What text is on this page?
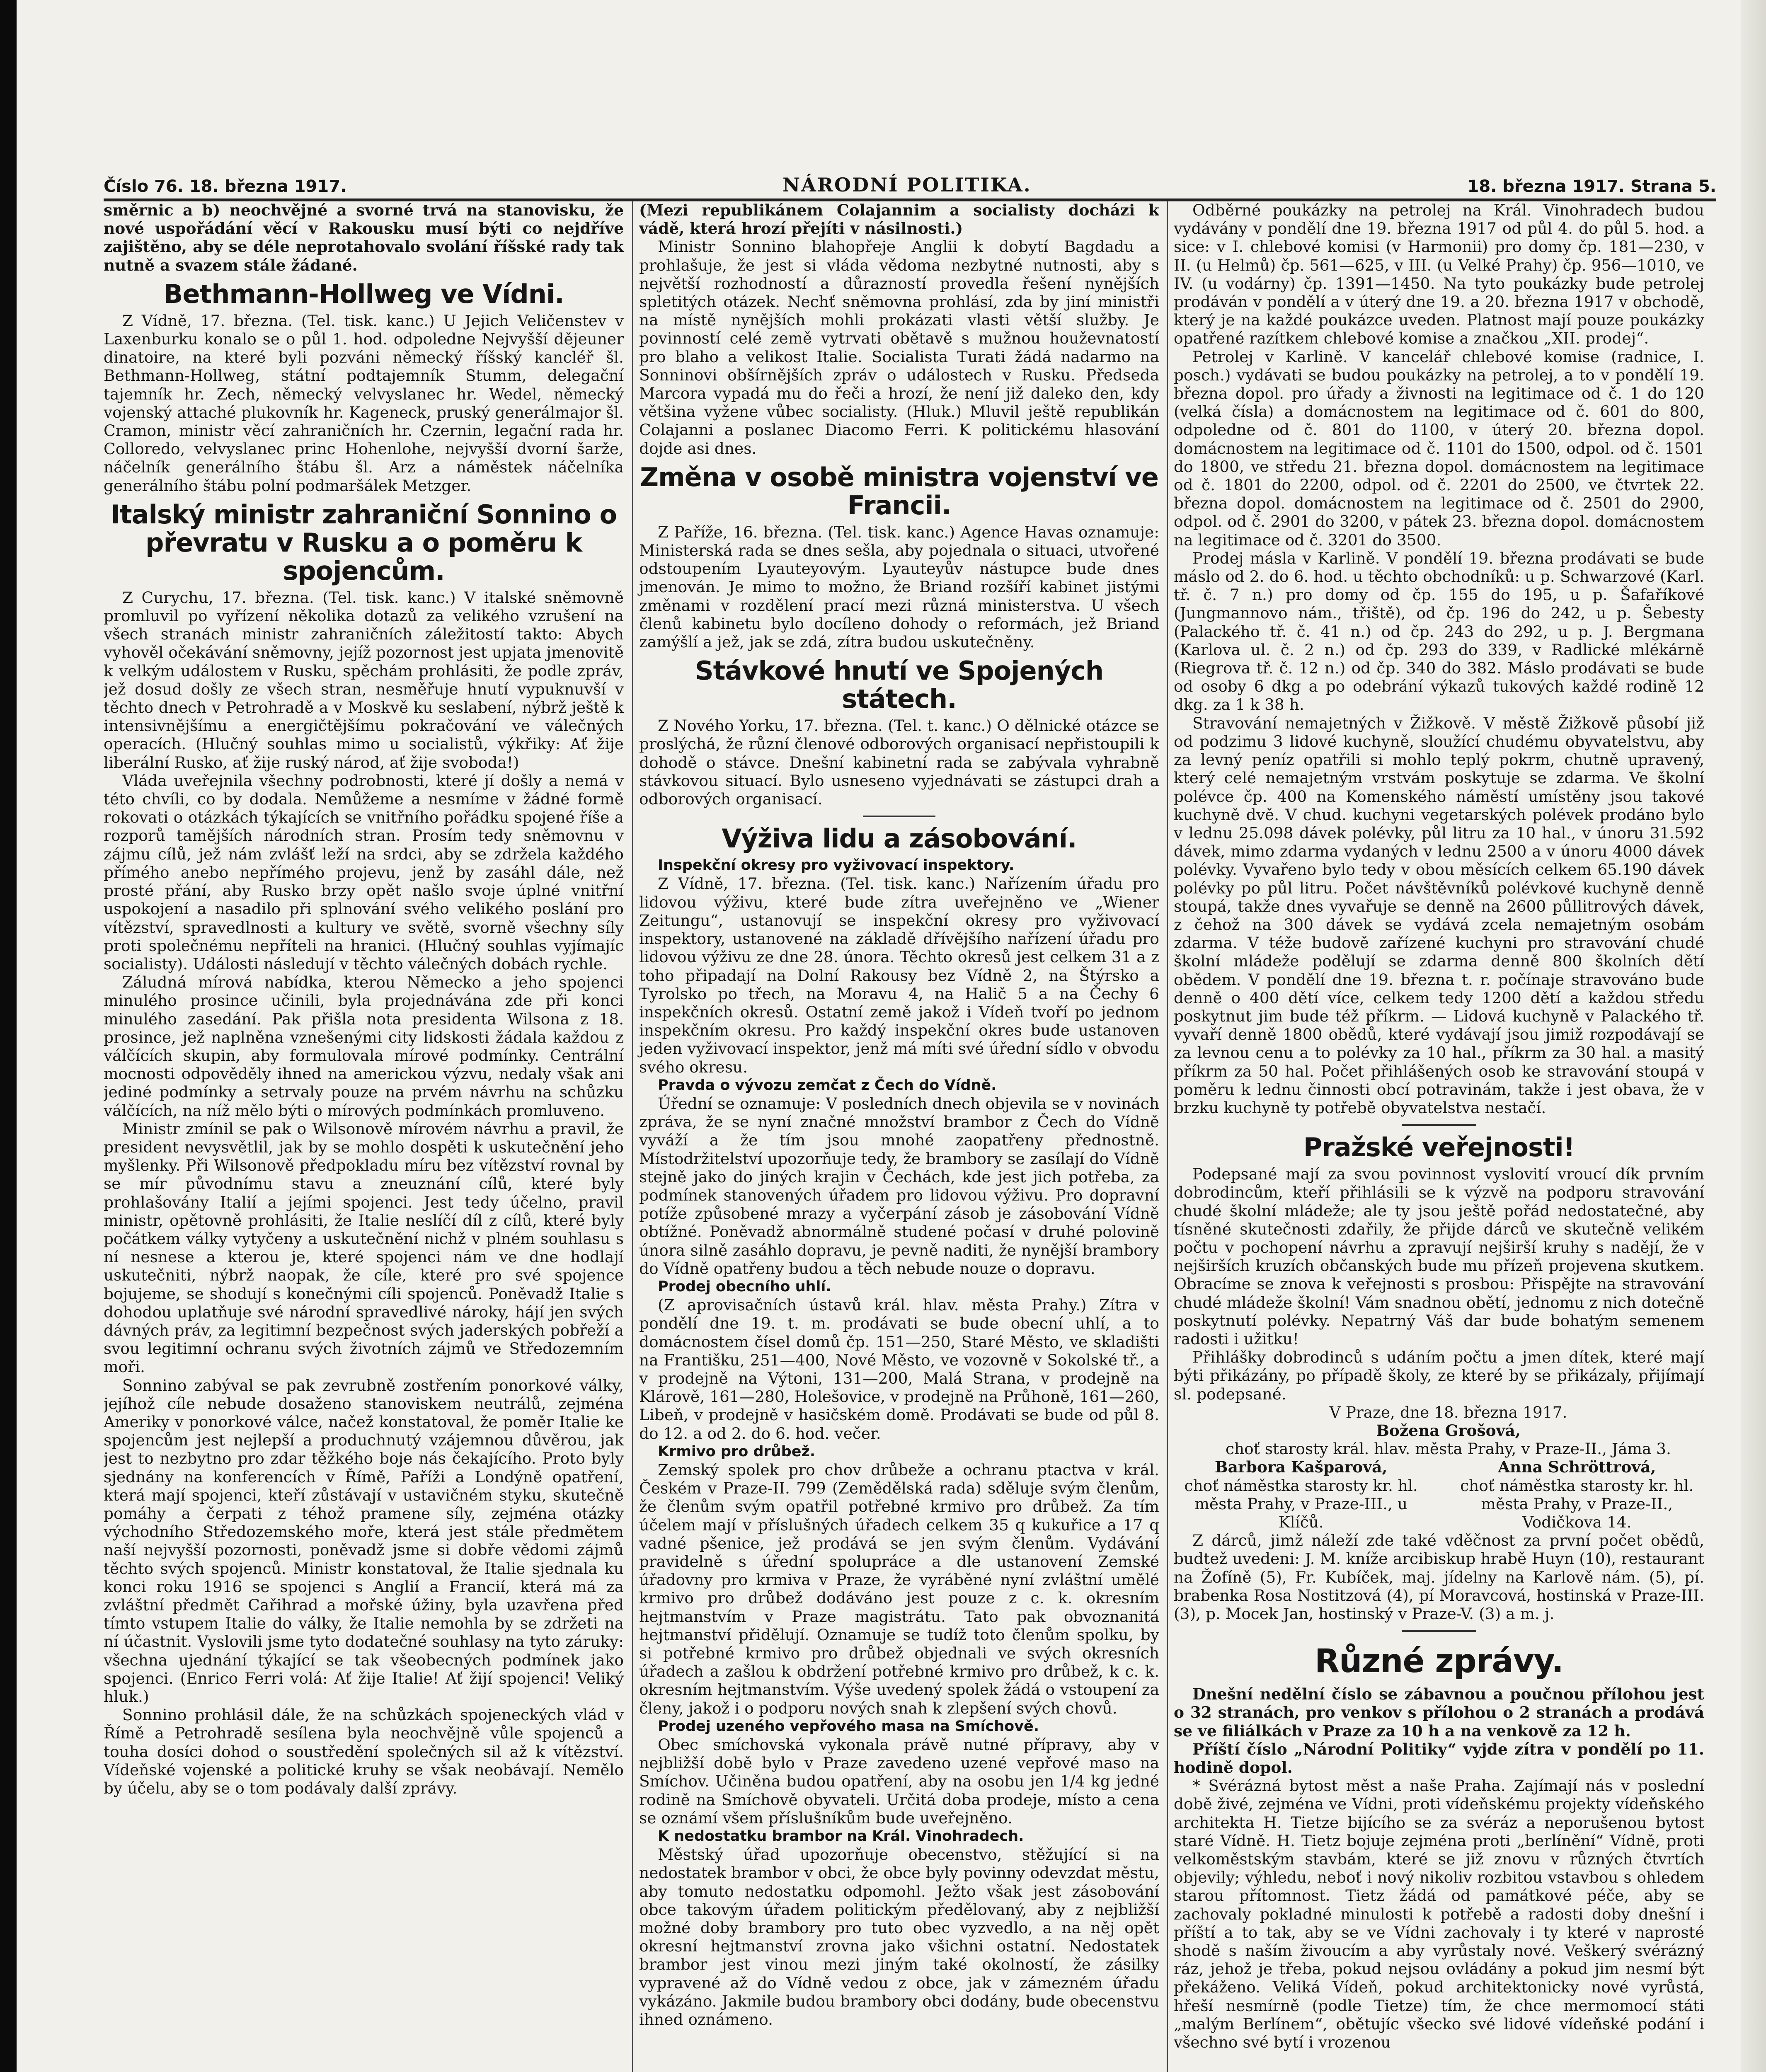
Číslo 76. 18. března 1917.	NÁRODNÍ POLITIKA.	18. března 1917. Strana 5.

směrnic a b) neochvějné a svorné trvá na stanovisku, že nové uspořádání věcí v Rakousku musí býti co nejdříve zajištěno, aby se déle neprotahovalo svolání říšské rady tak nutně a svazem stále žádané.

Bethmann-Hollweg ve Vídni.

Z Vídně, 17. března. (Tel. tisk. kanc.) U Jejich Veličenstev v Laxenburku konalo se o půl 1. hod. odpoledne Nejvyšší dějeuner dinatoire, na které byli pozváni německý říšský kancléř šl. Bethmann-Hollweg, státní podtajemník Stumm, delegační tajemník hr. Zech, německý velvyslanec hr. Wedel, německý vojenský attaché plukovník hr. Kageneck, pruský generálmajor šl. Cramon, ministr věcí zahraničních hr. Czernin, legační rada hr. Colloredo, velvyslanec princ Hohenlohe, nejvyšší dvorní šarže, náčelník generálního štábu šl. Arz a náměstek náčelníka generálního štábu polní podmaršálek Metzger.

Italský ministr zahraniční Sonnino o převratu v Rusku a o poměru k spojencům.

Z Curychu, 17. března. (Tel. tisk. kanc.) V italské sněmovně promluvil po vyřízení několika dotazů za velikého vzrušení na všech stranách ministr zahraničních záležitostí takto: Abych vyhověl očekávání sněmovny, jejíž pozornost jest upjata jmenovitě k velkým událostem v Rusku, spěchám prohlásiti, že podle zpráv, jež dosud došly ze všech stran, nesměřuje hnutí vypuknuvší v těchto dnech v Petrohradě a v Moskvě ku seslabení, nýbrž ještě k intensivnějšímu a energičtějšímu pokračování ve válečných operacích. (Hlučný souhlas mimo u socialistů, výkřiky: Ať žije liberální Rusko, ať žije ruský národ, ať žije svoboda!)

Vláda uveřejnila všechny podrobnosti, které jí došly a nemá v této chvíli, co by dodala. Nemůžeme a nesmíme v žádné formě rokovati o otázkách týkajících se vnitřního pořádku spojené říše a rozporů tamějších národních stran. Prosím tedy sněmovnu v zájmu cílů, jež nám zvlášť leží na srdci, aby se zdržela každého přímého anebo nepřímého projevu, jenž by zasáhl dále, než prosté přání, aby Rusko brzy opět našlo svoje úplné vnitřní uspokojení a nasadilo při splnování svého velikého poslání pro vítězství, spravedlnosti a kultury ve světě, svorně všechny síly proti společnému nepříteli na hranici. (Hlučný souhlas vyjímajíc socialisty). Události následují v těchto válečných dobách rychle.

Záludná mírová nabídka, kterou Německo a jeho spojenci minulého prosince učinili, byla projednávána zde při konci minulého zasedání. Pak přišla nota presidenta Wilsona z 18. prosince, jež naplněna vznešenými city lidskosti žádala každou z válčících skupin, aby formulovala mírové podmínky. Centrální mocnosti odpověděly ihned na americkou výzvu, nedaly však ani jediné podmínky a setrvaly pouze na prvém návrhu na schůzku válčících, na níž mělo býti o mírových podmínkách promluveno.

Ministr zmínil se pak o Wilsonově mírovém návrhu a pravil, že president nevysvětlil, jak by se mohlo dospěti k uskutečnění jeho myšlenky. Při Wilsonově předpokladu míru bez vítězství rovnal by se mír původnímu stavu a zneuznání cílů, které byly prohlašovány Italií a jejími spojenci. Jest tedy účelno, pravil ministr, opětovně prohlásiti, že Italie neslíčí díl z cílů, které byly počátkem války vytyčeny a uskutečnění nichž v plném souhlasu s ní nesnese a kterou je, které spojenci nám ve dne hodlají uskutečniti, nýbrž naopak, že cíle, které pro své spojence bojujeme, se shodují s konečnými cíli spojenců. Poněvadž Italie s dohodou uplatňuje své národní spravedlivé nároky, hájí jen svých dávných práv, za legitimní bezpečnost svých jaderských pobřeží a svou legitimní ochranu svých životních zájmů ve Středozemním moři.

Sonnino zabýval se pak zevrubně zostřením ponorkové války, jejíhož cíle nebude dosaženo stanoviskem neutrálů, zejména Ameriky v ponorkové válce, načež konstatoval, že poměr Italie ke spojencům jest nejlepší a produchnutý vzájemnou důvěrou, jak jest to nezbytno pro zdar těžkého boje nás čekajícího. Proto byly sjednány na konferencích v Římě, Paříži a Londýně opatření, která mají spojenci, kteří zůstávají v ustavičném styku, skutečně pomáhy a čerpati z téhož pramene síly, zejména otázky východního Středozemského moře, která jest stále předmětem naší nejvyšší pozornosti, poněvadž jsme si dobře vědomi zájmů těchto svých spojenců. Ministr konstatoval, že Italie sjednala ku konci roku 1916 se spojenci s Anglií a Francií, která má za zvláštní předmět Cařihrad a mořské úžiny, byla uzavřena před tímto vstupem Italie do války, že Italie nemohla by se zdržeti na ní účastnit. Vyslovili jsme tyto dodatečné souhlasy na tyto záruky: všechna ujednání týkající se tak všeobecných podmínek jako spojenci. (Enrico Ferri volá: Ať žije Italie! Ať žijí spojenci! Veliký hluk.)

Sonnino prohlásil dále, že na schůzkách spojeneckých vlád v Římě a Petrohradě sesílena byla neochvějně vůle spojenců a touha dosíci dohod o soustředění společných sil až k vítězství. Vídeňské vojenské a politické kruhy se však neobávají. Nemělo by účelu, aby se o tom podávaly další zprávy.

(Mezi republikánem Colajannim a socialisty docházi k vádě, která hrozí přejíti v násilnosti.)

Ministr Sonnino blahopřeje Anglii k dobytí Bagdadu a prohlašuje, že jest si vláda vědoma nezbytné nutnosti, aby s největší rozhodností a důrazností provedla řešení nynějších spletitých otázek. Nechť sněmovna prohlásí, zda by jiní ministři na místě nynějších mohli prokázati vlasti větší služby. Je povinností celé země vytrvati obětavě s mužnou houževnatostí pro blaho a velikost Italie. Socialista Turati žádá nadarmo na Sonninovi obšírnějších zpráv o událostech v Rusku. Předseda Marcora vypadá mu do řeči a hrozí, že není již daleko den, kdy většina vyžene vůbec socialisty. (Hluk.) Mluvil ještě republikán Colajanni a poslanec Diacomo Ferri. K politickému hlasování dojde asi dnes.

Změna v osobě ministra vojenství ve Francii.

Z Paříže, 16. března. (Tel. tisk. kanc.) Agence Havas oznamuje: Ministerská rada se dnes sešla, aby pojednala o situaci, utvořené odstoupením Lyauteyovým. Lyauteyův nástupce bude dnes jmenován. Je mimo to možno, že Briand rozšíří kabinet jistými změnami v rozdělení prací mezi různá ministerstva. U všech členů kabinetu bylo docíleno dohody o reformách, jež Briand zamýšlí a jež, jak se zdá, zítra budou uskutečněny.

Stávkové hnutí ve Spojených státech.

Z Nového Yorku, 17. března. (Tel. t. kanc.) O dělnické otázce se proslýchá, že různí členové odborových organisací nepřistoupili k dohodě o stávce. Dnešní kabinetní rada se zabývala vyhrabně stávkovou situací. Bylo usneseno vyjednávati se zástupci drah a odborových organisací.

Výživa lidu a zásobování.

Inspekční okresy pro vyživovací inspektory.

Z Vídně, 17. března. (Tel. tisk. kanc.) Nařízením úřadu pro lidovou výživu, které bude zítra uveřejněno ve „Wiener Zeitungu“, ustanovují se inspekční okresy pro vyživovací inspektory, ustanovené na základě dřívějšího nařízení úřadu pro lidovou výživu ze dne 28. února. Těchto okresů jest celkem 31 a z toho připadají na Dolní Rakousy bez Vídně 2, na Štýrsko a Tyrolsko po třech, na Moravu 4, na Halič 5 a na Čechy 6 inspekčních okresů. Ostatní země jakož i Vídeň tvoří po jednom inspekčním okresu. Pro každý inspekční okres bude ustanoven jeden vyživovací inspektor, jenž má míti své úřední sídlo v obvodu svého okresu.

Pravda o vývozu zemčat z Čech do Vídně.

Úřední se oznamuje: V posledních dnech objevila se v novinách zpráva, že se nyní značné množství brambor z Čech do Vídně vyváží a že tím jsou mnohé zaopatřeny přednostně. Místodržitelství upozorňuje tedy, že brambory se zasílají do Vídně stejně jako do jiných krajin v Čechách, kde jest jich potřeba, za podmínek stanovených úřadem pro lidovou výživu. Pro dopravní potíže způsobené mrazy a vyčerpání zásob je zásobování Vídně obtížné. Poněvadž abnormálně studené počasí v druhé polovině února silně zasáhlo dopravu, je pevně naditi, že nynější brambory do Vídně opatřeny budou a těch nebude nouze o dopravu.

Prodej obecního uhlí.

(Z aprovisačních ústavů král. hlav. města Prahy.) Zítra v pondělí dne 19. t. m. prodávati se bude obecní uhlí, a to domácnostem čísel domů čp. 151—250, Staré Město, ve skladišti na Františku, 251—400, Nové Město, ve vozovně v Sokolské tř., a v prodejně na Výtoni, 131—200, Malá Strana, v prodejně na Klárově, 161—280, Holešovice, v prodejně na Průhoně, 161—260, Libeň, v prodejně v hasičském domě. Prodávati se bude od půl 8. do 12. a od 2. do 6. hod. večer.

Krmivo pro drůbež.

Zemský spolek pro chov drůbeže a ochranu ptactva v král. Českém v Praze-II. 799 (Zemědělská rada) sděluje svým členům, že členům svým opatřil potřebné krmivo pro drůbež. Za tím účelem mají v příslušných úřadech celkem 35 q kukuřice a 17 q vadné pšenice, jež prodává se jen svým členům. Vydávání pravidelně s úřední spolupráce a dle ustanovení Zemské úřadovny pro krmiva v Praze, že vyráběné nyní zvláštní umělé krmivo pro drůbež dodáváno jest pouze z c. k. okresním hejtmanstvím v Praze magistrátu. Tato pak obvoznanitá hejtmanství přidělují. Oznamuje se tudíž toto členům spolku, by si potřebné krmivo pro drůbež objednali ve svých okresních úřadech a zašlou k obdržení potřebné krmivo pro drůbež, k c. k. okresním hejtmanstvím. Výše uvedený spolek žádá o vstoupení za členy, jakož i o podporu nových snah k zlepšení svých chovů.

Prodej uzeného vepřového masa na Smíchově.

Obec smíchovská vykonala právě nutné přípravy, aby v nejbližší době bylo v Praze zavedeno uzené vepřové maso na Smíchov. Učiněna budou opatření, aby na osobu jen 1/4 kg jedné rodině na Smíchově obyvateli. Určitá doba prodeje, místo a cena se oznámí všem příslušníkům bude uveřejněno.

K nedostatku brambor na Král. Vinohradech.

Městský úřad upozorňuje obecenstvo, stěžující si na nedostatek brambor v obci, že obce byly povinny odevzdat městu, aby tomuto nedostatku odpomohl. Ježto však jest zásobování obce takovým úřadem politickým předělovaný, aby z nejbližší možné doby brambory pro tuto obec vyzvedlo, a na něj opět okresní hejtmanství zrovna jako všichni ostatní. Nedostatek brambor jest vinou mezi jiným také okolností, že zásilky vypravené až do Vídně vedou z obce, jak v zámezném úřadu vykázáno. Jakmile budou brambory obci dodány, bude obecenstvu ihned oznámeno.

Odběrné poukázky na petrolej na Král. Vinohradech budou vydávány v pondělí dne 19. března 1917 od půl 4. do půl 5. hod. a sice: v I. chlebové komisi (v Harmonii) pro domy čp. 181—230, v II. (u Helmů) čp. 561—625, v III. (u Velké Prahy) čp. 956—1010, ve IV. (u vodárny) čp. 1391—1450. Na tyto poukázky bude petrolej prodáván v pondělí a v úterý dne 19. a 20. března 1917 v obchodě, který je na každé poukázce uveden. Platnost mají pouze poukázky opatřené razítkem chlebové komise a značkou „XII. prodej“.

Petrolej v Karlině. V kancelář chlebové komise (radnice, I. posch.) vydávati se budou poukázky na petrolej, a to v pondělí 19. března dopol. pro úřady a živnosti na legitimace od č. 1 do 120 (velká čísla) a domácnostem na legitimace od č. 601 do 800, odpoledne od č. 801 do 1100, v úterý 20. března dopol. domácnostem na legitimace od č. 1101 do 1500, odpol. od č. 1501 do 1800, ve středu 21. března dopol. domácnostem na legitimace od č. 1801 do 2200, odpol. od č. 2201 do 2500, ve čtvrtek 22. března dopol. domácnostem na legitimace od č. 2501 do 2900, odpol. od č. 2901 do 3200, v pátek 23. března dopol. domácnostem na legitimace od č. 3201 do 3500.

Prodej másla v Karlině. V pondělí 19. března prodávati se bude máslo od 2. do 6. hod. u těchto obchodníků: u p. Schwarzové (Karl. tř. č. 7 n.) pro domy od čp. 155 do 195, u p. Šafaříkové (Jungmannovo nám., třiště), od čp. 196 do 242, u p. Šebesty (Palackého tř. č. 41 n.) od čp. 243 do 292, u p. J. Bergmana (Karlova ul. č. 2 n.) od čp. 293 do 339, v Radlické mlékárně (Riegrova tř. č. 12 n.) od čp. 340 do 382. Máslo prodávati se bude od osoby 6 dkg a po odebrání výkazů tukových každé rodině 12 dkg. za 1 k 38 h.

Stravování nemajetných v Žižkově. V městě Žižkově působí již od podzimu 3 lidové kuchyně, sloužící chudému obyvatelstvu, aby za levný peníz opatřili si mohlo teplý pokrm, chutně upravený, který celé nemajetným vrstvám poskytuje se zdarma. Ve školní polévce čp. 400 na Komenského náměstí umístěny jsou takové kuchyně dvě. V chud. kuchyni vegetarských polévek prodáno bylo v lednu 25.098 dávek polévky, půl litru za 10 hal., v únoru 31.592 dávek, mimo zdarma vydaných v lednu 2500 a v únoru 4000 dávek polévky. Vyvařeno bylo tedy v obou měsících celkem 65.190 dávek polévky po půl litru. Počet návštěvníků polévkové kuchyně denně stoupá, takže dnes vyvařuje se denně na 2600 půllitrových dávek, z čehož na 300 dávek se vydává zcela nemajetným osobám zdarma. V téže budově zařízené kuchyni pro stravování chudé školní mládeže podělují se zdarma denně 800 školních dětí obědem. V pondělí dne 19. března t. r. počínaje stravováno bude denně o 400 dětí více, celkem tedy 1200 dětí a každou středu poskytnut jim bude též příkrm. — Lidová kuchyně v Palackého tř. vyvaří denně 1800 obědů, které vydávají jsou jimiž rozpodávají se za levnou cenu a to polévky za 10 hal., příkrm za 30 hal. a masitý příkrm za 50 hal. Počet přihlášených osob ke stravování stoupá v poměru k lednu činnosti obcí potravinám, takže i jest obava, že v brzku kuchyně ty potřebě obyvatelstva nestačí.

Pražské veřejnosti!

Podepsané mají za svou povinnost vyslovití vroucí dík prvním dobrodincům, kteří přihlásili se k výzvě na podporu stravování chudé školní mládeže; ale ty jsou ještě pořád nedostatečné, aby tísněné skutečnosti zdařily, že přijde dárců ve skutečně velikém počtu v pochopení návrhu a zpravují nejširší kruhy s nadějí, že v nejširších kruzích občanských bude mu přízeň projevena skutkem. Obracíme se znova k veřejnosti s prosbou: Přispějte na stravování chudé mládeže školní! Vám snadnou obětí, jednomu z nich dotečně poskytnutí polévky. Nepatrný Váš dar bude bohatým semenem radosti i užitku!

Přihlášky dobrodinců s udáním počtu a jmen dítek, které mají býti přikázány, po případě školy, ze které by se přikázaly, přijímají sl. podepsané.

V Praze, dne 18. března 1917.

Božena Grošová,

choť starosty král. hlav. města Prahy, v Praze-II., Jámа 3.

Barbora Kašparová,
choť náměstka starosty kr. hl. města Prahy, v Praze-III., u Klíčů.
Anna Schröttrová,
choť náměstka starosty kr. hl. města Prahy, v Praze-II., Vodičkova 14.

Z dárců, jimž náleží zde také vděčnost za první počet obědů, budtež uvedeni: J. M. kníže arcibiskup hrabě Huyn (10), restaurant na Žofíně (5), Fr. Kubíček, maj. jídelny na Karlově nám. (5), pí. brabenka Rosa Nostitzová (4), pí Moravcová, hostinská v Praze-III. (3), p. Mocek Jan, hostinský v Praze-V. (3) a m. j.

Různé zprávy.

Dnešní nedělní číslo se zábavnou a poučnou přílohou jest o 32 stranách, pro venkov s přílohou o 2 stranách a prodává se ve filiálkách v Praze za 10 h a na venkově za 12 h.

Příští číslo „Národní Politiky“ vyjde zítra v pondělí po 11. hodině dopol.

* Svérázná bytost měst a naše Praha. Zajímají nás v poslední době živé, zejména ve Vídni, proti vídeňskému projekty vídeňského architekta H. Tietze bijícího se za svéráz a neporušenou bytost staré Vídně. H. Tietz bojuje zejména proti „berlínění“ Vídně, proti velkoměstským stavbám, které se již znovu v různých čtvrtích objevily; výhledu, neboť i nový nikoliv rozbitou vstavbou s ohledem starou přítomnost. Tietz žádá od památkové péče, aby se zachovaly pokladné minulosti k potřebě a radosti doby dnešní i příští a to tak, aby se ve Vídni zachovaly i ty které v naprosté shodě s naším živoucím a aby vyrůstaly nové. Veškerý svérázný ráz, jehož je třeba, pokud nejsou ovládány a pokud jim nesmí být překáženo. Veliká Vídeň, pokud architektonicky nové vyrůstá, hřeší nesmírně (podle Tietze) tím, že chce mermomocí státi „malým Berlínem“, obětujíc všecko své lidové vídeňské podání i všechno své bytí i vrozenou
